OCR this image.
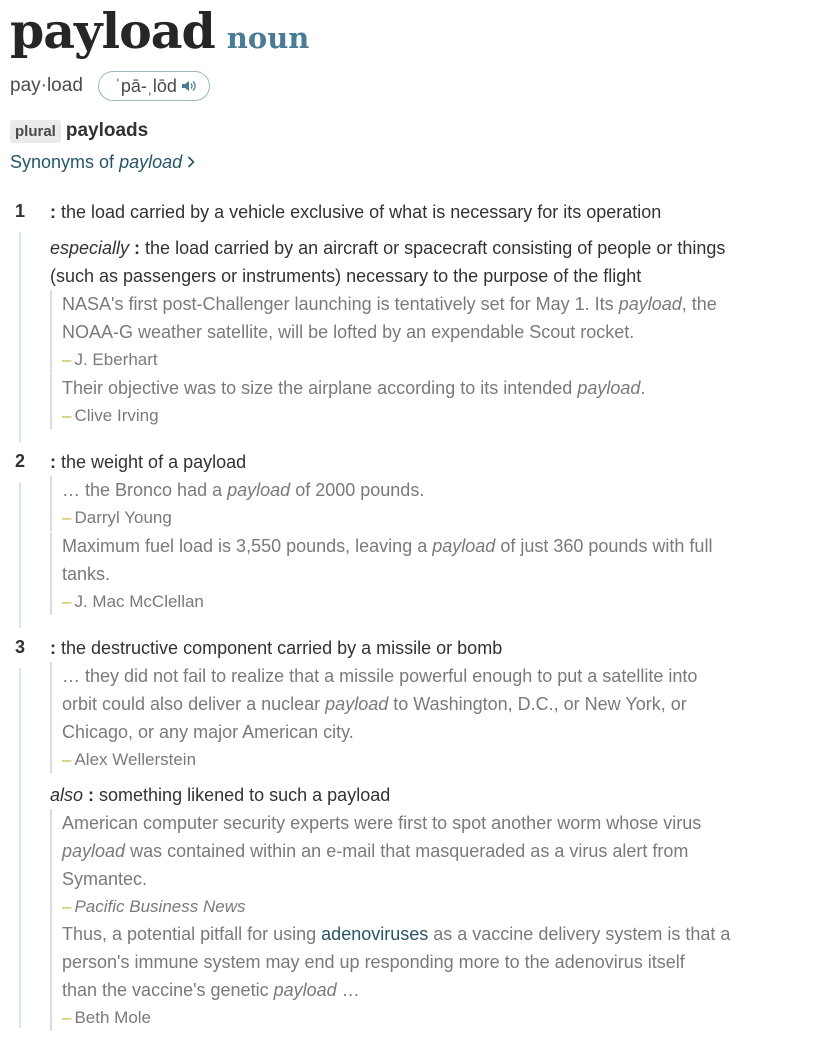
payload noun
pay·load ˈpā-ˌlōd
plural payloads
Synonyms of payload
1 : the load carried by a vehicle exclusive of what is necessary for its operation
especially : the load carried by an aircraft or spacecraft consisting of people or things
(such as passengers or instruments) necessary to the purpose of the flight
NASA's first post-Challenger launching is tentatively set for May 1. Its payload, the
NOAA-G weather satellite, will be lofted by an expendable Scout rocket.
– J. Eberhart
Their objective was to size the airplane according to its intended payload.
– Clive Irving
2 : the weight of a payload
… the Bronco had a payload of 2000 pounds.
– Darryl Young
Maximum fuel load is 3,550 pounds, leaving a payload of just 360 pounds with full
tanks.
– J. Mac McClellan
3 : the destructive component carried by a missile or bomb
… they did not fail to realize that a missile powerful enough to put a satellite into
orbit could also deliver a nuclear payload to Washington, D.C., or New York, or
Chicago, or any major American city.
– Alex Wellerstein
also : something likened to such a payload
American computer security experts were first to spot another worm whose virus
payload was contained within an e-mail that masqueraded as a virus alert from
Symantec.
– Pacific Business News
Thus, a potential pitfall for using adenoviruses as a vaccine delivery system is that a
person's immune system may end up responding more to the adenovirus itself
than the vaccine's genetic payload …
– Beth Mole
